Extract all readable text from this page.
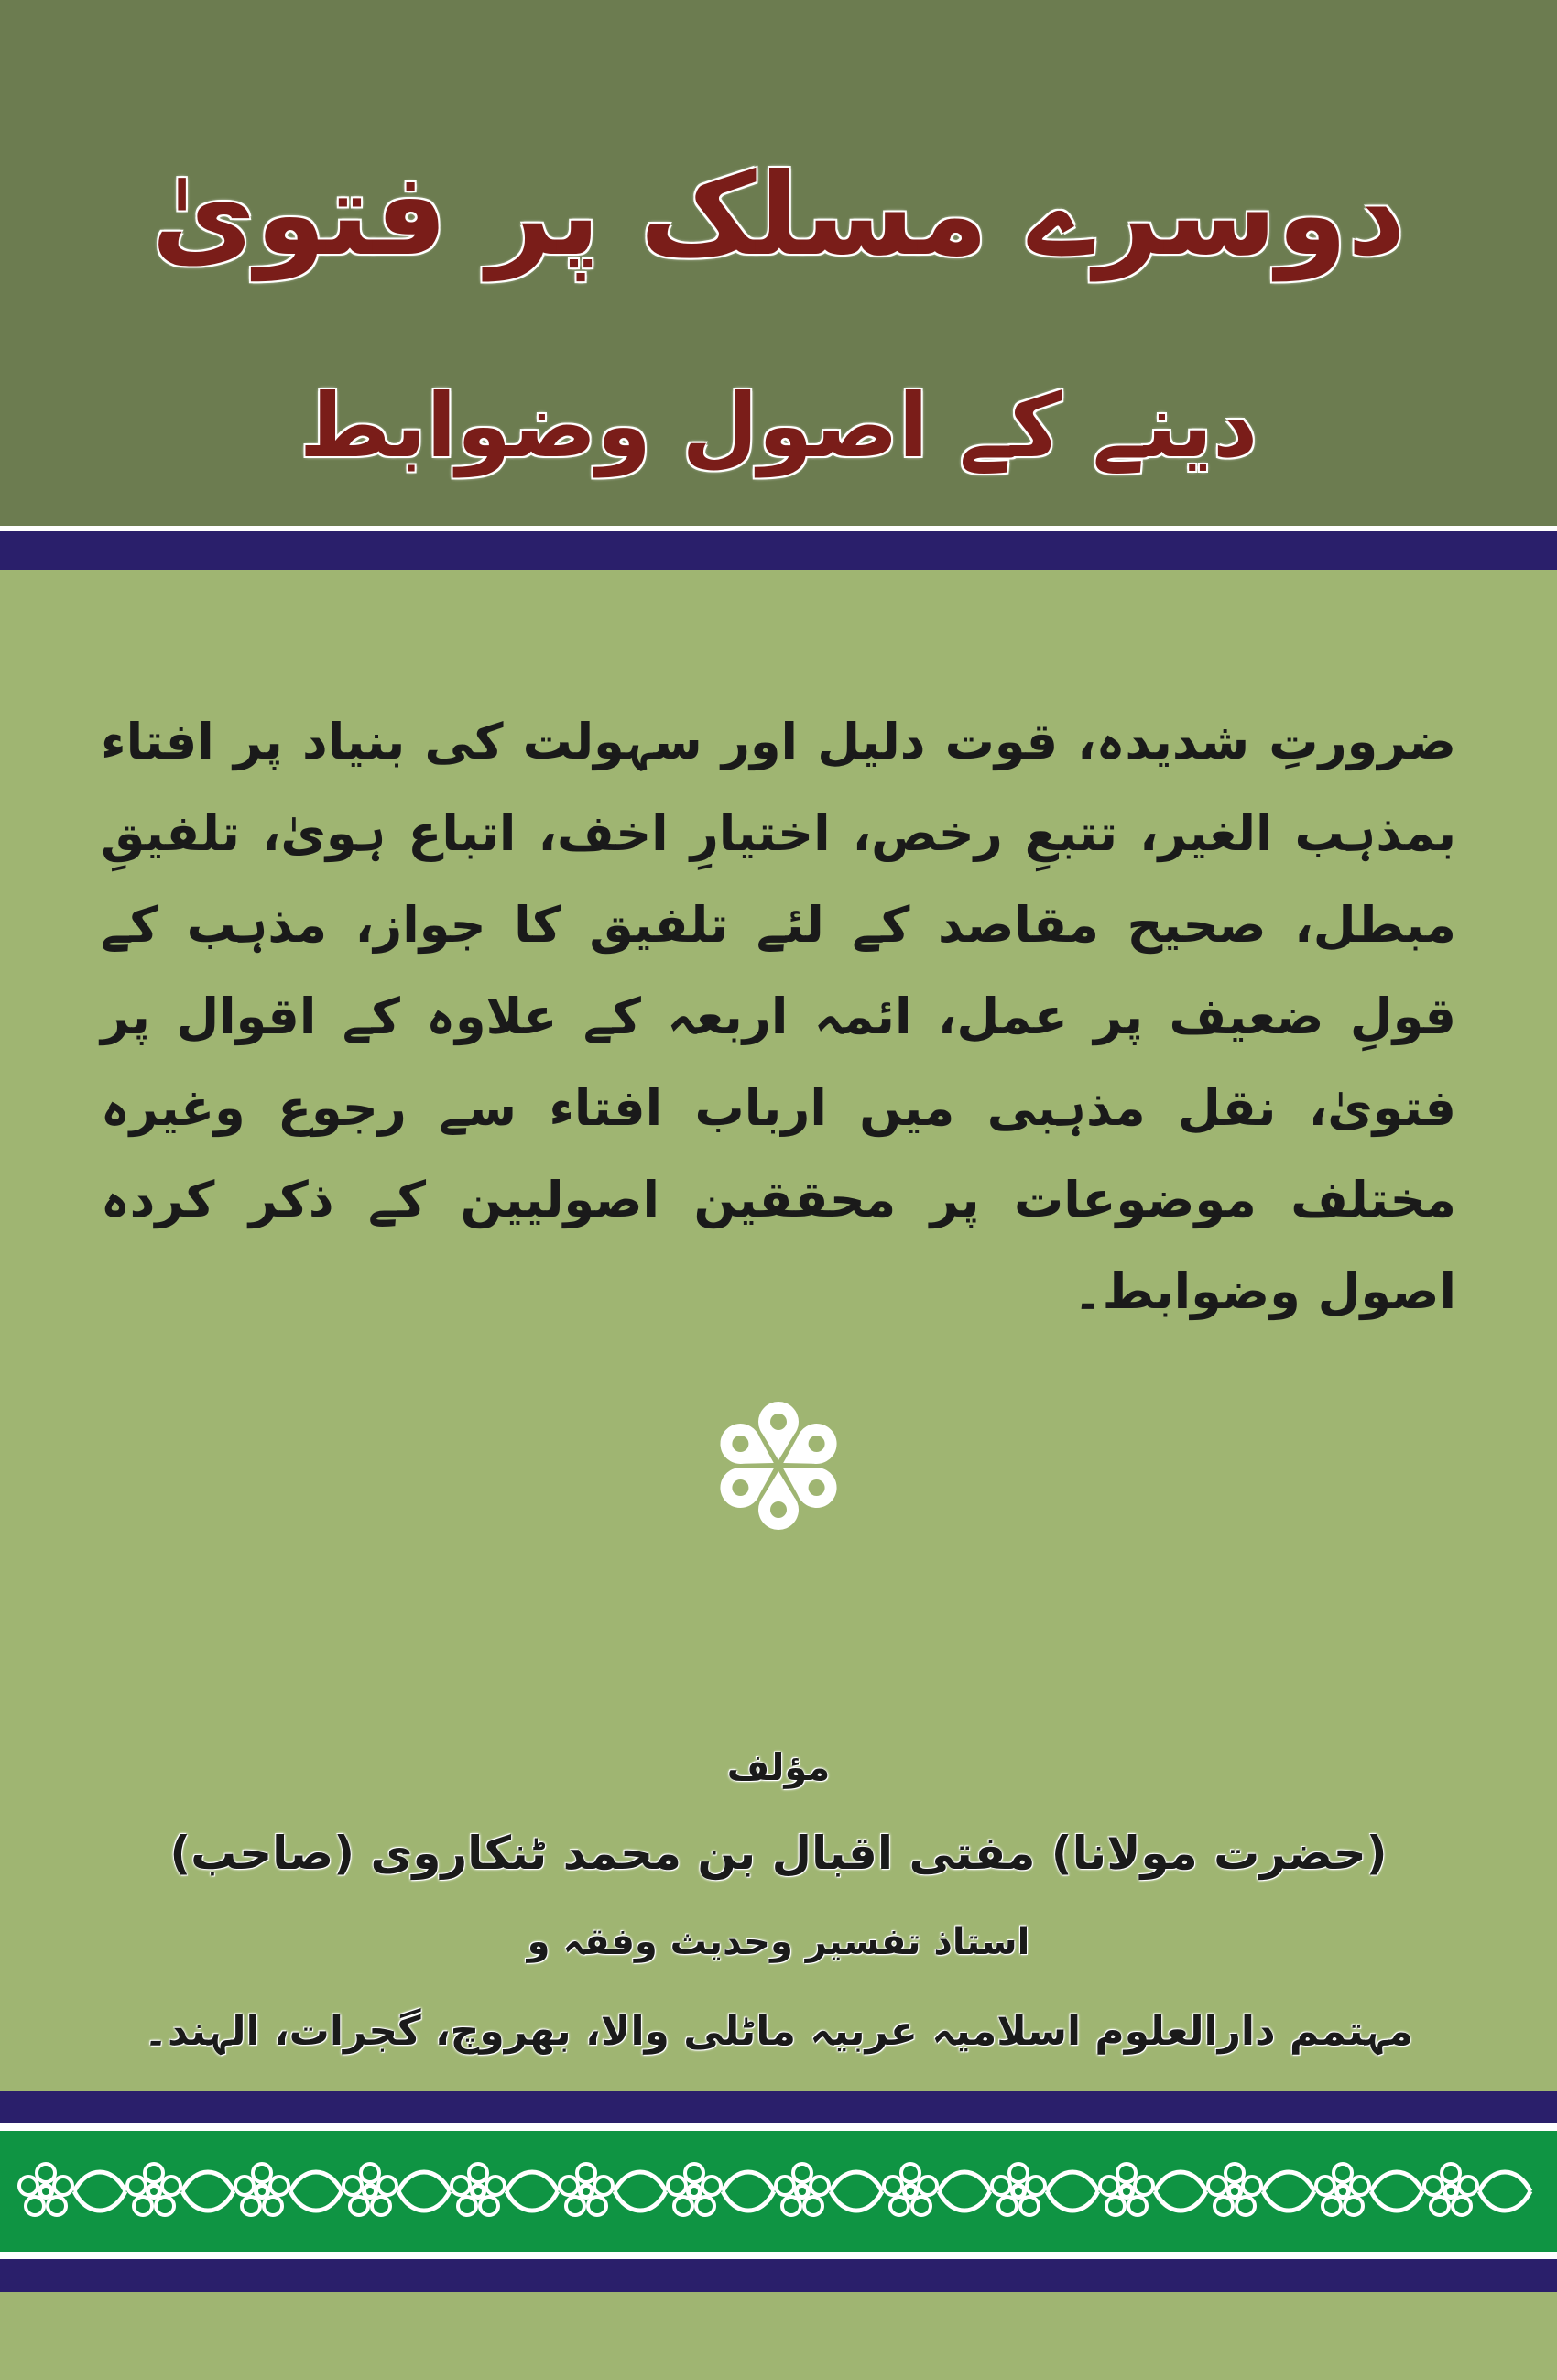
دوسرے مسلک پر فتویٰ
دینے کے اصول وضوابط
ضرورتِ شدیدہ، قوت دلیل اور سہولت کی بنیاد پر افتاء بمذہب الغیر، تتبعِ رخص، اختیارِ اخف، اتباع ہویٰ، تلفیقِ مبطل، صحیح مقاصد کے لئے تلفیق کا جواز، مذہب کے قولِ ضعیف پر عمل، ائمہ اربعہ کے علاوہ کے اقوال پر فتویٰ، نقل مذہبی میں ارباب افتاء سے رجوع وغیرہ مختلف موضوعات پر محققین اصولیین کے ذکر کردہ اصول وضوابط۔
مؤلف
(حضرت مولانا) مفتی اقبال بن محمد ٹنکاروی (صاحب)
استاذ تفسیر وحدیث وفقہ و
مہتمم دارالعلوم اسلامیہ عربیہ ماٹلی والا، بھروچ، گجرات، الہند۔
